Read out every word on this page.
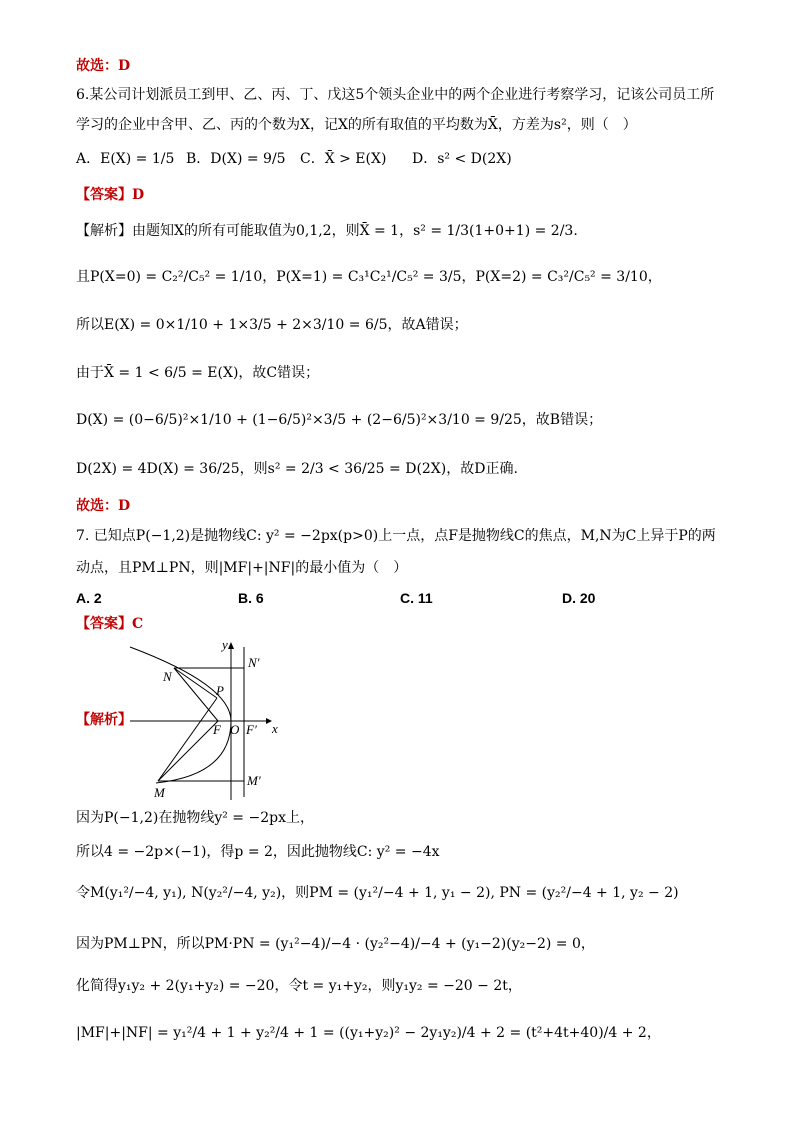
故选：D
6.某公司计划派员工到甲、乙、丙、丁、戊这5个领头企业中的两个企业进行考察学习，记该公司员工所
学习的企业中含甲、乙、丙的个数为X，记X的所有取值的平均数为X̄，方差为s²，则（　）
A．E(X) = 1/5 B．D(X) = 9/5 C．X̄ > E(X) D．s² < D(2X)
【答案】D
【解析】由题知X的所有可能取值为0,1,2，则X̄ = 1，s² = 1/3(1+0+1) = 2/3.
且P(X=0) = C₂²/C₅² = 1/10，P(X=1) = C₃¹C₂¹/C₅² = 3/5，P(X=2) = C₃²/C₅² = 3/10，
所以E(X) = 0×1/10 + 1×3/5 + 2×3/10 = 6/5，故A错误；
由于X̄ = 1 < 6/5 = E(X)，故C错误；
D(X) = (0−6/5)²×1/10 + (1−6/5)²×3/5 + (2−6/5)²×3/10 = 9/25，故B错误；
D(2X) = 4D(X) = 36/25，则s² = 2/3 < 36/25 = D(2X)，故D正确.
故选：D
7. 已知点P(−1,2)是抛物线C: y² = −2px(p>0)上一点，点F是抛物线C的焦点，M,N为C上异于P的两
动点，且PM⊥PN，则|MF|+|NF|的最小值为（　）
A. 2	B. 6	C. 11	D. 20
【答案】C
【解析】
y
x
N′
N
P
F O F′
M′
M
因为P(−1,2)在抛物线y² = −2px上，
所以4 = −2p×(−1)，得p = 2，因此抛物线C: y² = −4x
令M(y₁²/−4, y₁), N(y₂²/−4, y₂)，则PM = (y₁²/−4 + 1, y₁ − 2), PN = (y₂²/−4 + 1, y₂ − 2)
因为PM⊥PN，所以PM·PN = (y₁²−4)/−4 · (y₂²−4)/−4 + (y₁−2)(y₂−2) = 0，
化简得y₁y₂ + 2(y₁+y₂) = −20，令t = y₁+y₂，则y₁y₂ = −20 − 2t，
|MF|+|NF| = y₁²/4 + 1 + y₂²/4 + 1 = ((y₁+y₂)² − 2y₁y₂)/4 + 2 = (t²+4t+40)/4 + 2，
